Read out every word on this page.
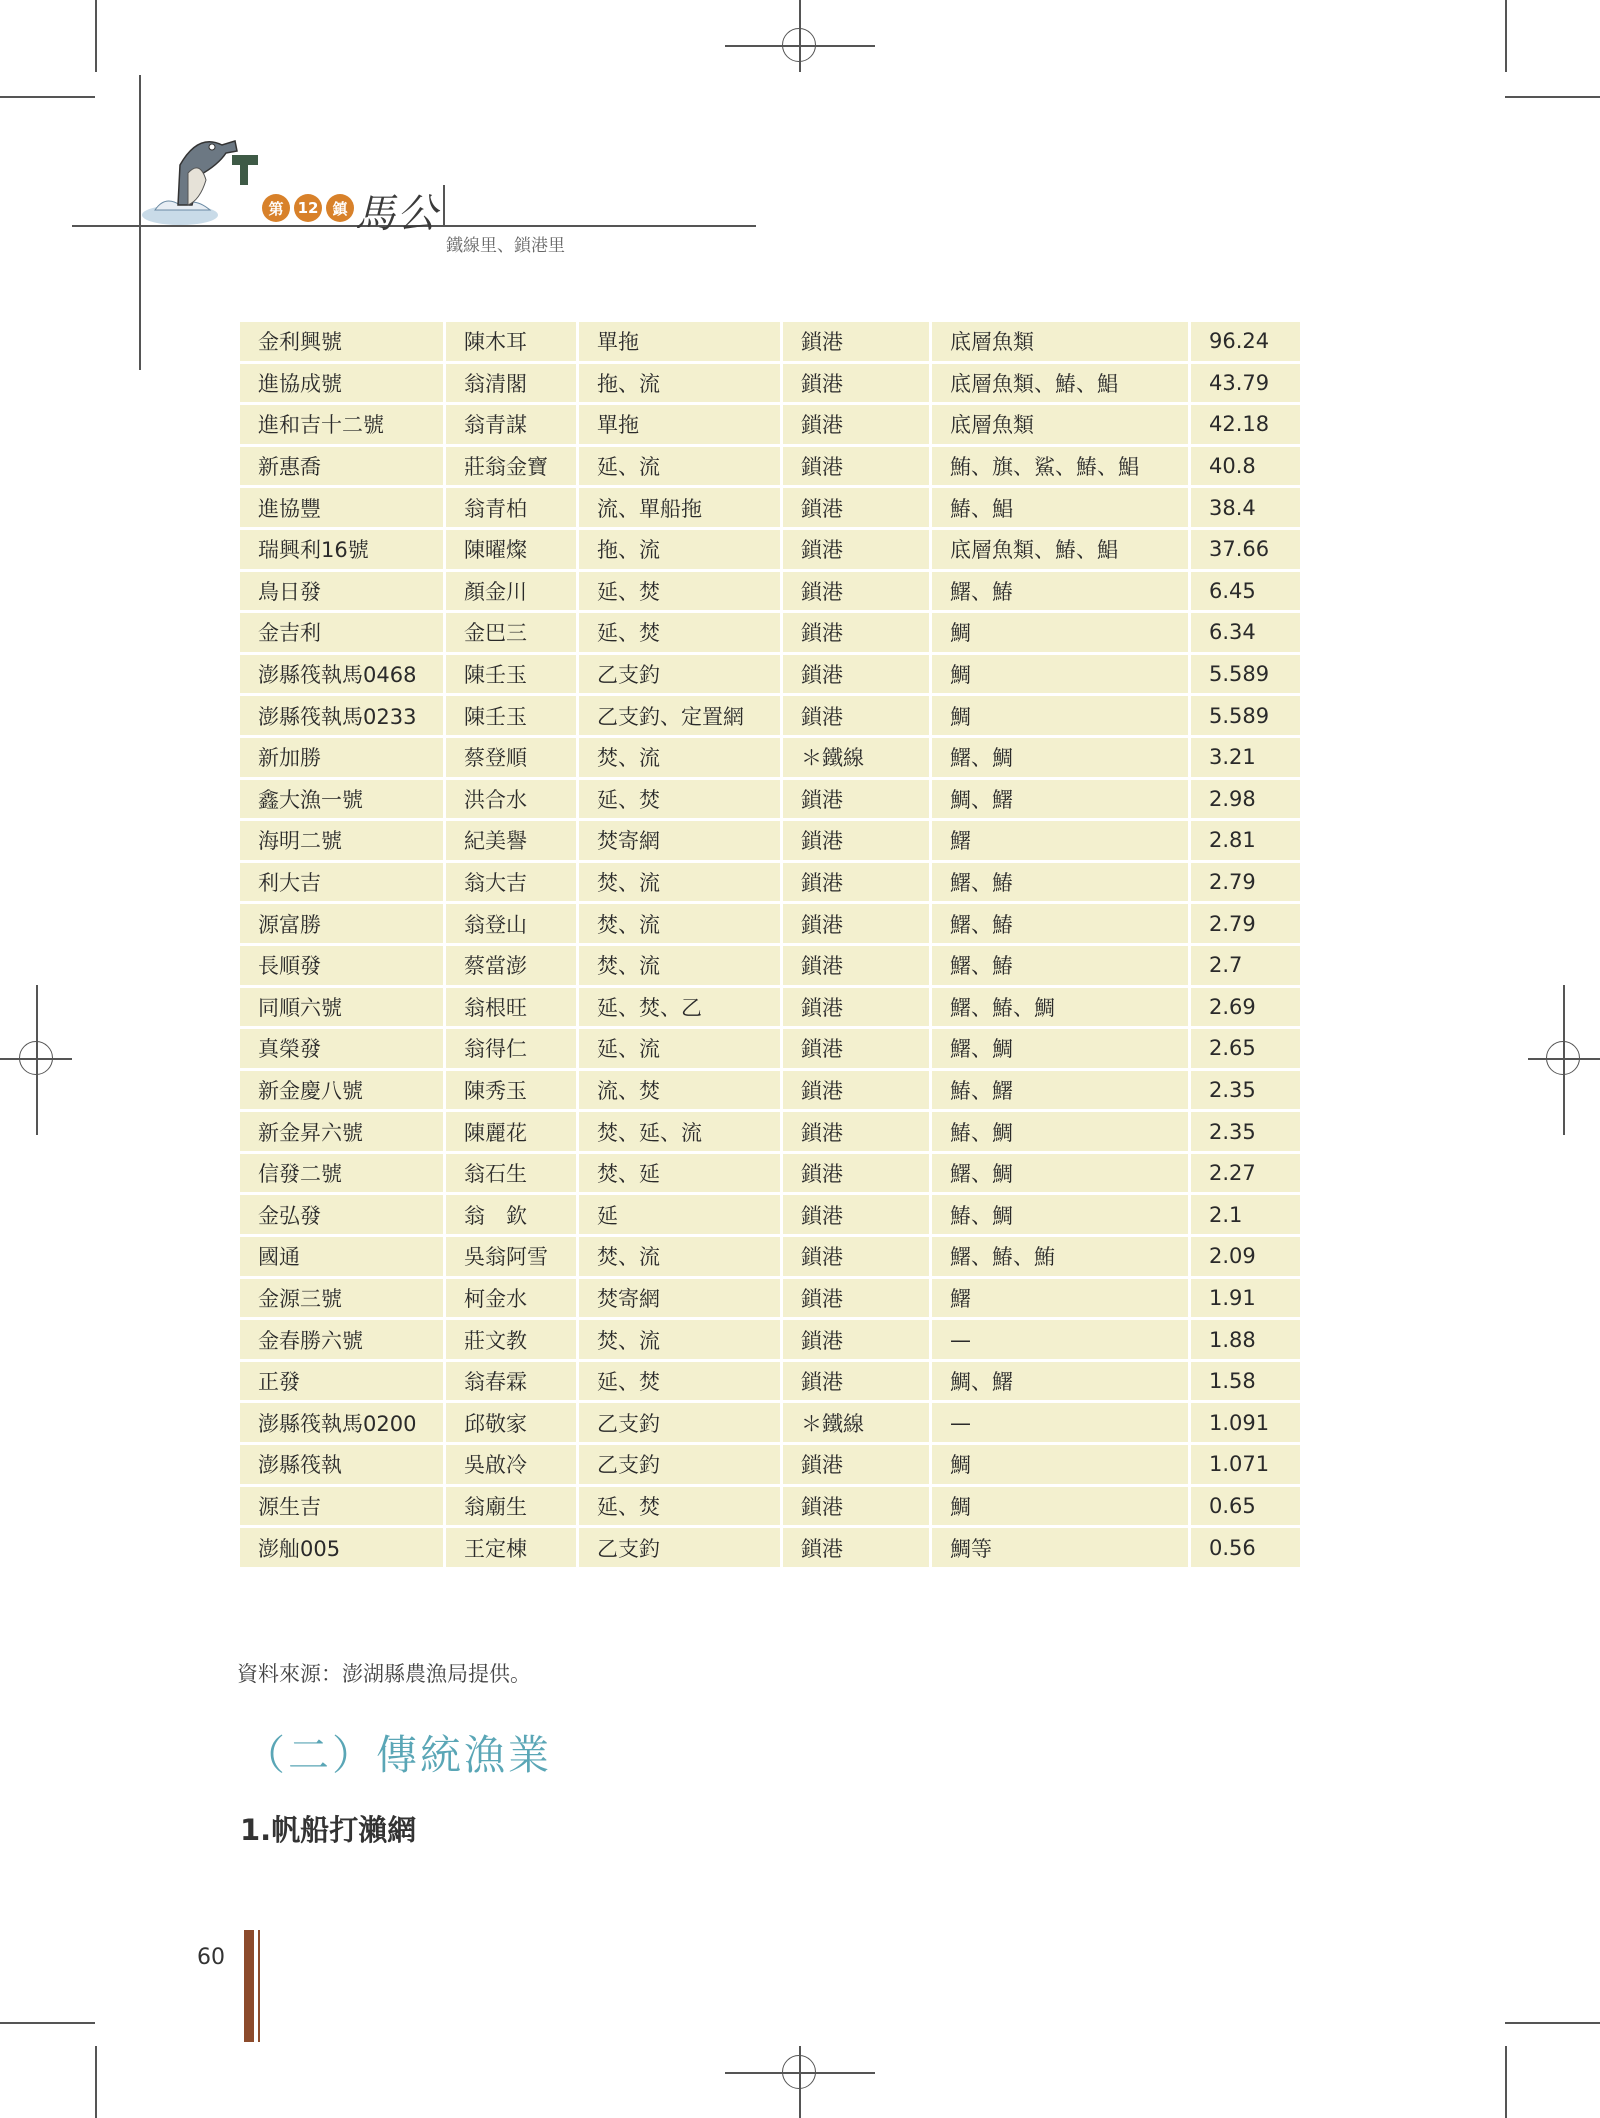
第 12 鎮 馬公
鐵線里、鎖港里
金利興號	陳木耳	單拖	鎖港	底層魚類	96.24
進協成號	翁清閣	拖、流	鎖港	底層魚類、鰆、鯧	43.79
進和吉十二號	翁青謀	單拖	鎖港	底層魚類	42.18
新惠喬	莊翁金寶	延、流	鎖港	鮪、旗、鯊、鰆、鯧	40.8
進協豐	翁青柏	流、單船拖	鎖港	鰆、鯧	38.4
瑞興利16號	陳曜燦	拖、流	鎖港	底層魚類、鰆、鯧	37.66
鳥日發	顏金川	延、焚	鎖港	鱰、鰆	6.45
金吉利	金巴三	延、焚	鎖港	鯛	6.34
澎縣筏執馬0468	陳壬玉	乙支釣	鎖港	鯛	5.589
澎縣筏執馬0233	陳壬玉	乙支釣、定置網	鎖港	鯛	5.589
新加勝	蔡登順	焚、流	＊鐵線	鱰、鯛	3.21
鑫大漁一號	洪合水	延、焚	鎖港	鯛、鱰	2.98
海明二號	紀美譽	焚寄網	鎖港	鱰	2.81
利大吉	翁大吉	焚、流	鎖港	鱰、鰆	2.79
源富勝	翁登山	焚、流	鎖港	鱰、鰆	2.79
長順發	蔡當澎	焚、流	鎖港	鱰、鰆	2.7
同順六號	翁根旺	延、焚、乙	鎖港	鱰、鰆、鯛	2.69
真榮發	翁得仁	延、流	鎖港	鱰、鯛	2.65
新金慶八號	陳秀玉	流、焚	鎖港	鰆、鱰	2.35
新金昇六號	陳麗花	焚、延、流	鎖港	鰆、鯛	2.35
信發二號	翁石生	焚、延	鎖港	鱰、鯛	2.27
金弘發	翁　欽	延	鎖港	鰆、鯛	2.1
國通	吳翁阿雪	焚、流	鎖港	鱰、鰆、鮪	2.09
金源三號	柯金水	焚寄網	鎖港	鱰	1.91
金春勝六號	莊文教	焚、流	鎖港	—	1.88
正發	翁春霖	延、焚	鎖港	鯛、鱰	1.58
澎縣筏執馬0200	邱敬家	乙支釣	＊鐵線	—	1.091
澎縣筏執	吳啟冷	乙支釣	鎖港	鯛	1.071
源生吉	翁廟生	延、焚	鎖港	鯛	0.65
澎舢005	王定棟	乙支釣	鎖港	鯛等	0.56
資料來源：澎湖縣農漁局提供。
（二）傳統漁業
1.帆船打瀨網
60
